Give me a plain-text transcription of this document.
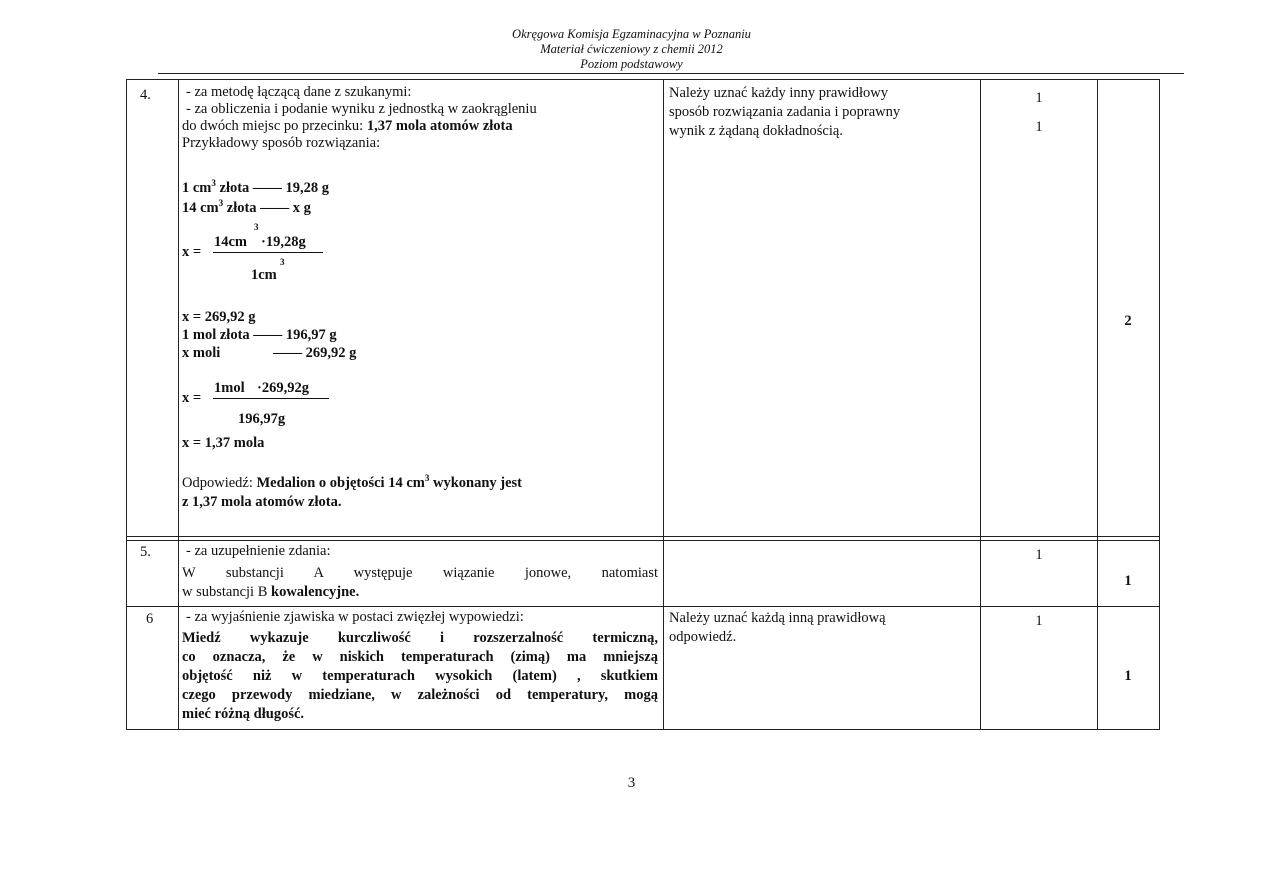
Okręgowa Komisja Egzaminacyjna w Poznaniu
Materiał ćwiczeniowy z chemii 2012
Poziom podstawowy
4. - za metodę łączącą dane z szukanymi:
- za obliczenia i podanie wyniku z jednostką w zaokrągleniu
do dwóch miejsc po przecinku: 1,37 mola atomów złota
Przykładowy sposób rozwiązania:
1 $cm^3$ złota —— 19,28 g
14 $cm^3$ złota —— x g
x =
14cm
3
·19,28g
1cm
3
x = 269,92 g
1 mol złota —— 196,97 g
x moli	—— 269,92 g
x =
1mol ·269,92g
196,97g
x = 1,37 mola
Odpowiedź: Medalion o objętości 14 $cm^3$ wykonany jest
z 1,37 mola atomów złota.
Należy uznać każdy inny prawidłowy
sposób rozwiązania zadania i poprawny
wynik z żądaną dokładnością.
1
1
2
5. - za uzupełnienie zdania:
W substancji A występuje wiązanie jonowe, natomiast
w substancji B kowalencyjne.
1
1
6 - za wyjaśnienie zjawiska w postaci zwięzłej wypowiedzi:
Miedź wykazuje kurczliwość i rozszerzalność termiczną,
co oznacza, że w niskich temperaturach (zimą) ma mniejszą
objętość niż w temperaturach wysokich (latem) , skutkiem
czego przewody miedziane, w zależności od temperatury, mogą
mieć różną długość.
Należy uznać każdą inną prawidłową
odpowiedź.
1
1
3
